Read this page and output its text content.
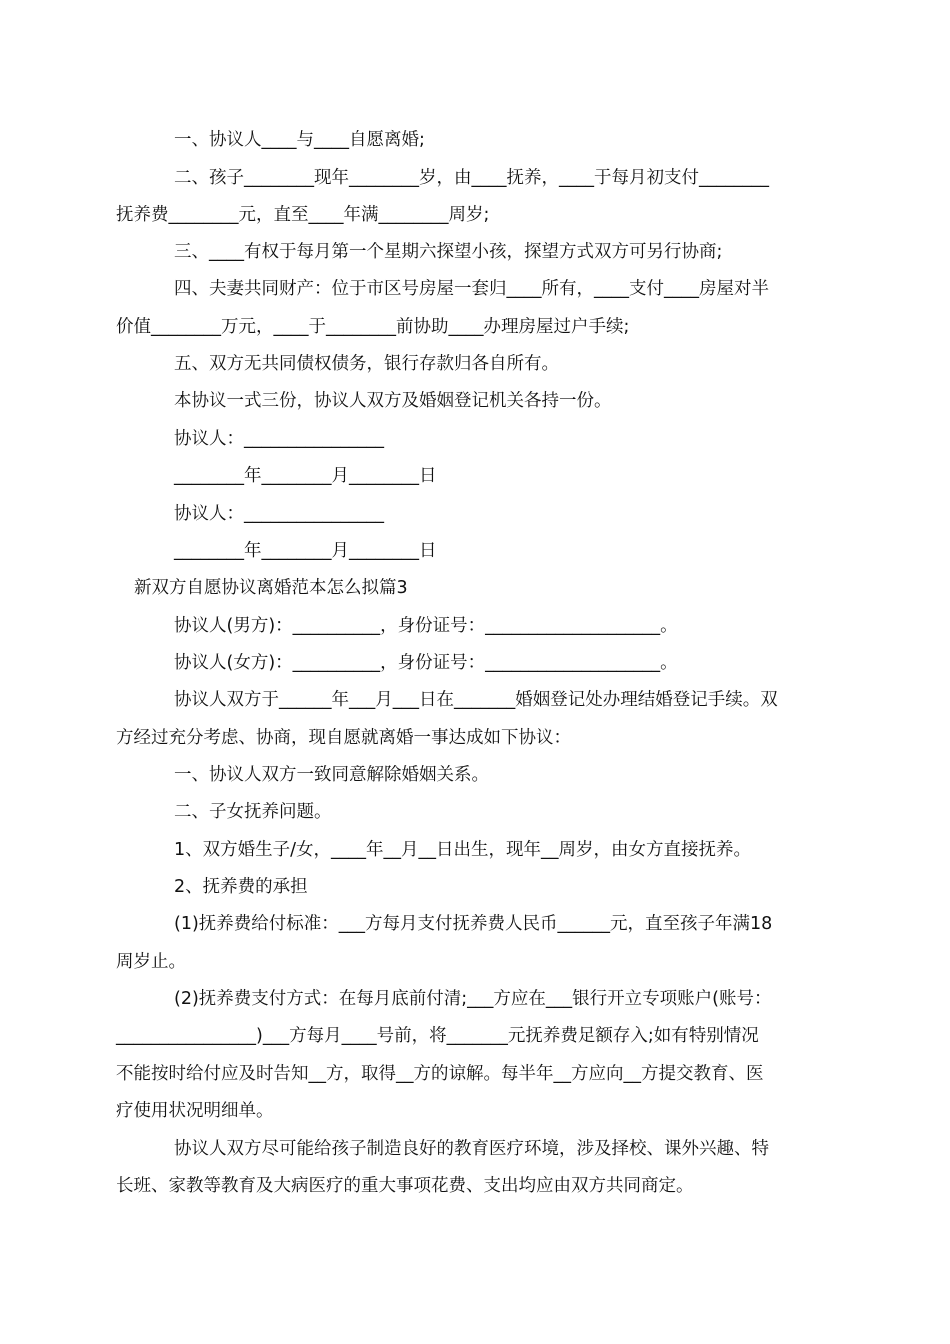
一、协议人____与____自愿离婚;

二、孩子________现年________岁，由____抚养，____于每月初支付________

抚养费________元，直至____年满________周岁;

三、____有权于每月第一个星期六探望小孩，探望方式双方可另行协商;

四、夫妻共同财产：位于市区号房屋一套归____所有，____支付____房屋对半

价值________万元，____于________前协助____办理房屋过户手续;

五、双方无共同债权债务，银行存款归各自所有。

本协议一式三份，协议人双方及婚姻登记机关各持一份。

协议人：________________

________年________月________日

协议人：________________

________年________月________日

新双方自愿协议离婚范本怎么拟篇3

协议人(男方)：__________，身份证号：____________________。

协议人(女方)：__________，身份证号：____________________。

协议人双方于______年___月___日在_______婚姻登记处办理结婚登记手续。双

方经过充分考虑、协商，现自愿就离婚一事达成如下协议：

一、协议人双方一致同意解除婚姻关系。

二、子女抚养问题。

1、双方婚生子/女，____年__月__日出生，现年__周岁，由女方直接抚养。

2、抚养费的承担

(1)抚养费给付标准：___方每月支付抚养费人民币______元，直至孩子年满18

周岁止。

(2)抚养费支付方式：在每月底前付清;___方应在___银行开立专项账户(账号：

________________)___方每月____号前，将_______元抚养费足额存入;如有特别情况

不能按时给付应及时告知__方，取得__方的谅解。每半年__方应向__方提交教育、医

疗使用状况明细单。

协议人双方尽可能给孩子制造良好的教育医疗环境，涉及择校、课外兴趣、特

长班、家教等教育及大病医疗的重大事项花费、支出均应由双方共同商定。
